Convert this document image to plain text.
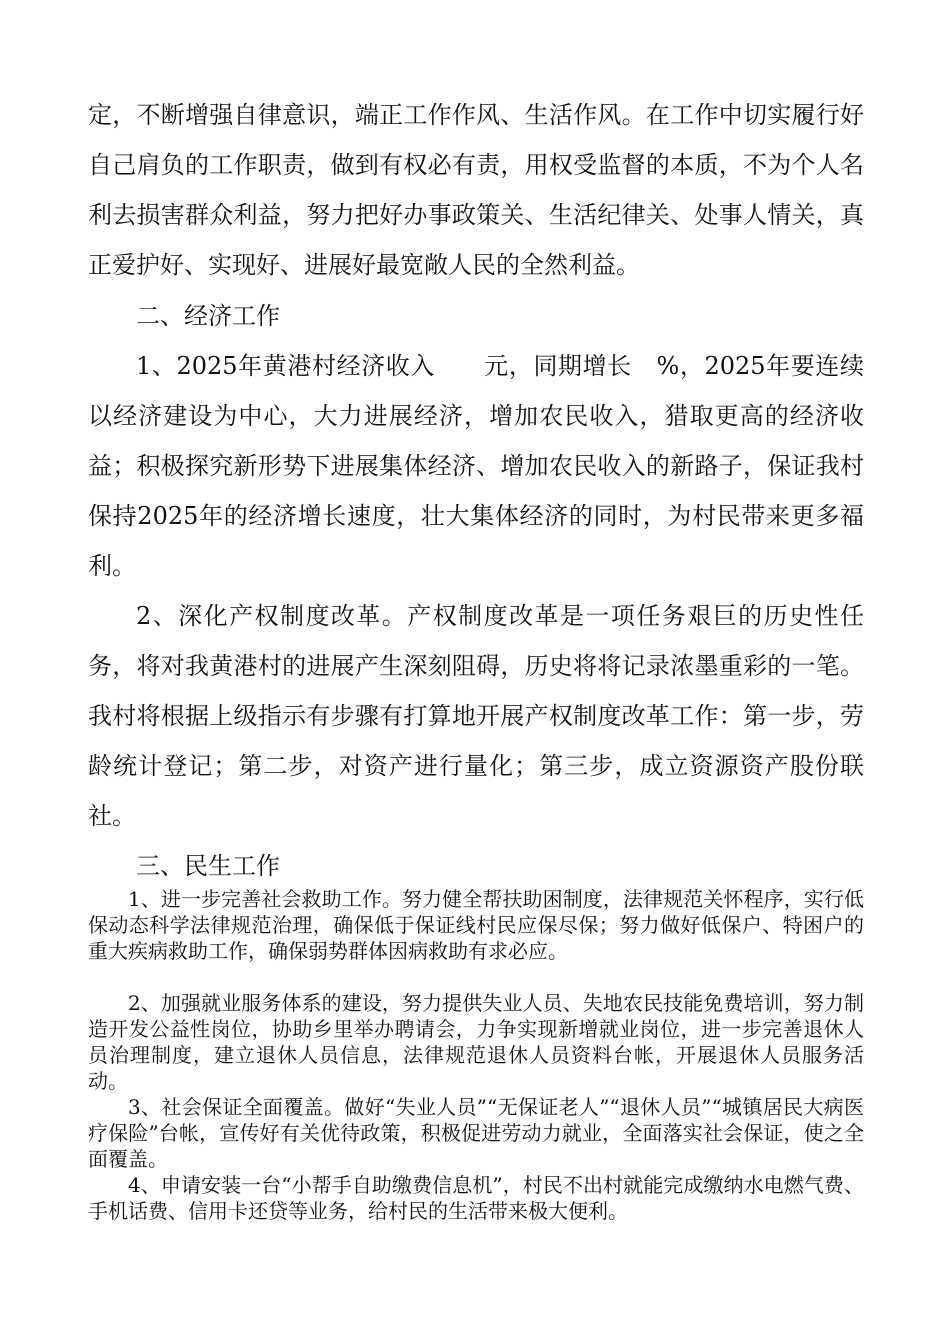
定，不断增强自律意识，端正工作作风、生活作风。在工作中切实履行好自己肩负的工作职责，做到有权必有责，用权受监督的本质，不为个人名利去损害群众利益，努力把好办事政策关、生活纪律关、处事人情关，真正爱护好、实现好、进展好最宽敞人民的全然利益。
二、经济工作
1、2025年黄港村经济收入　　元，同期增长　%，2025年要连续以经济建设为中心，大力进展经济，增加农民收入，猎取更高的经济收益；积极探究新形势下进展集体经济、增加农民收入的新路子，保证我村保持2025年的经济增长速度，壮大集体经济的同时，为村民带来更多福利。
2、深化产权制度改革。产权制度改革是一项任务艰巨的历史性任务，将对我黄港村的进展产生深刻阻碍，历史将将记录浓墨重彩的一笔。我村将根据上级指示有步骤有打算地开展产权制度改革工作：第一步，劳龄统计登记；第二步，对资产进行量化；第三步，成立资源资产股份联社。
三、民生工作
1、进一步完善社会救助工作。努力健全帮扶助困制度，法律规范关怀程序，实行低保动态科学法律规范治理，确保低于保证线村民应保尽保；努力做好低保户、特困户的重大疾病救助工作，确保弱势群体因病救助有求必应。
2、加强就业服务体系的建设，努力提供失业人员、失地农民技能免费培训，努力制造开发公益性岗位，协助乡里举办聘请会，力争实现新增就业岗位，进一步完善退休人员治理制度，建立退休人员信息，法律规范退休人员资料台帐，开展退休人员服务活动。
3、社会保证全面覆盖。做好“失业人员”“无保证老人”“退休人员”“城镇居民大病医疗保险”台帐，宣传好有关优待政策，积极促进劳动力就业，全面落实社会保证，使之全面覆盖。
4、申请安装一台“小帮手自助缴费信息机”，村民不出村就能完成缴纳水电燃气费、手机话费、信用卡还贷等业务，给村民的生活带来极大便利。
